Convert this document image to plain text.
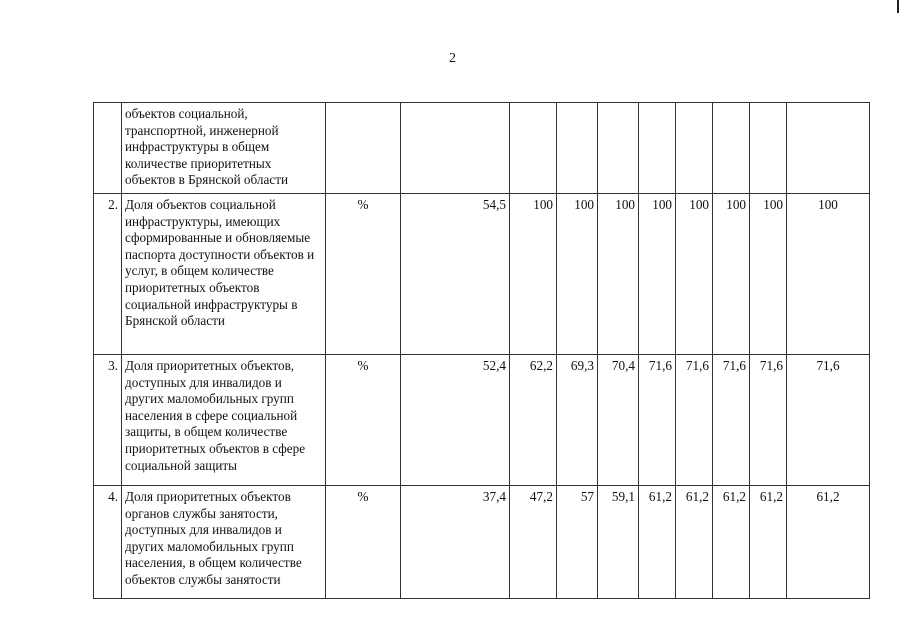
2
	объектов социальной, транспортной, инженерной инфраструктуры в общем количестве приоритетных объектов в Брянской области										
2.	Доля объектов социальной инфраструктуры, имеющих сформированные и обновляемые паспорта доступности объектов и услуг, в общем количестве приоритетных объектов социальной инфраструктуры в Брянской области	%	54,5	100	100	100	100	100	100	100	100
3.	Доля приоритетных объектов, доступных для инвалидов и других маломобильных групп населения в сфере социальной защиты, в общем количестве приоритетных объектов в сфере социальной защиты	%	52,4	62,2	69,3	70,4	71,6	71,6	71,6	71,6	71,6
4.	Доля приоритетных объектов органов службы занятости, доступных для инвалидов и других маломобильных групп населения, в общем количестве объектов службы занятости	%	37,4	47,2	57	59,1	61,2	61,2	61,2	61,2	61,2
